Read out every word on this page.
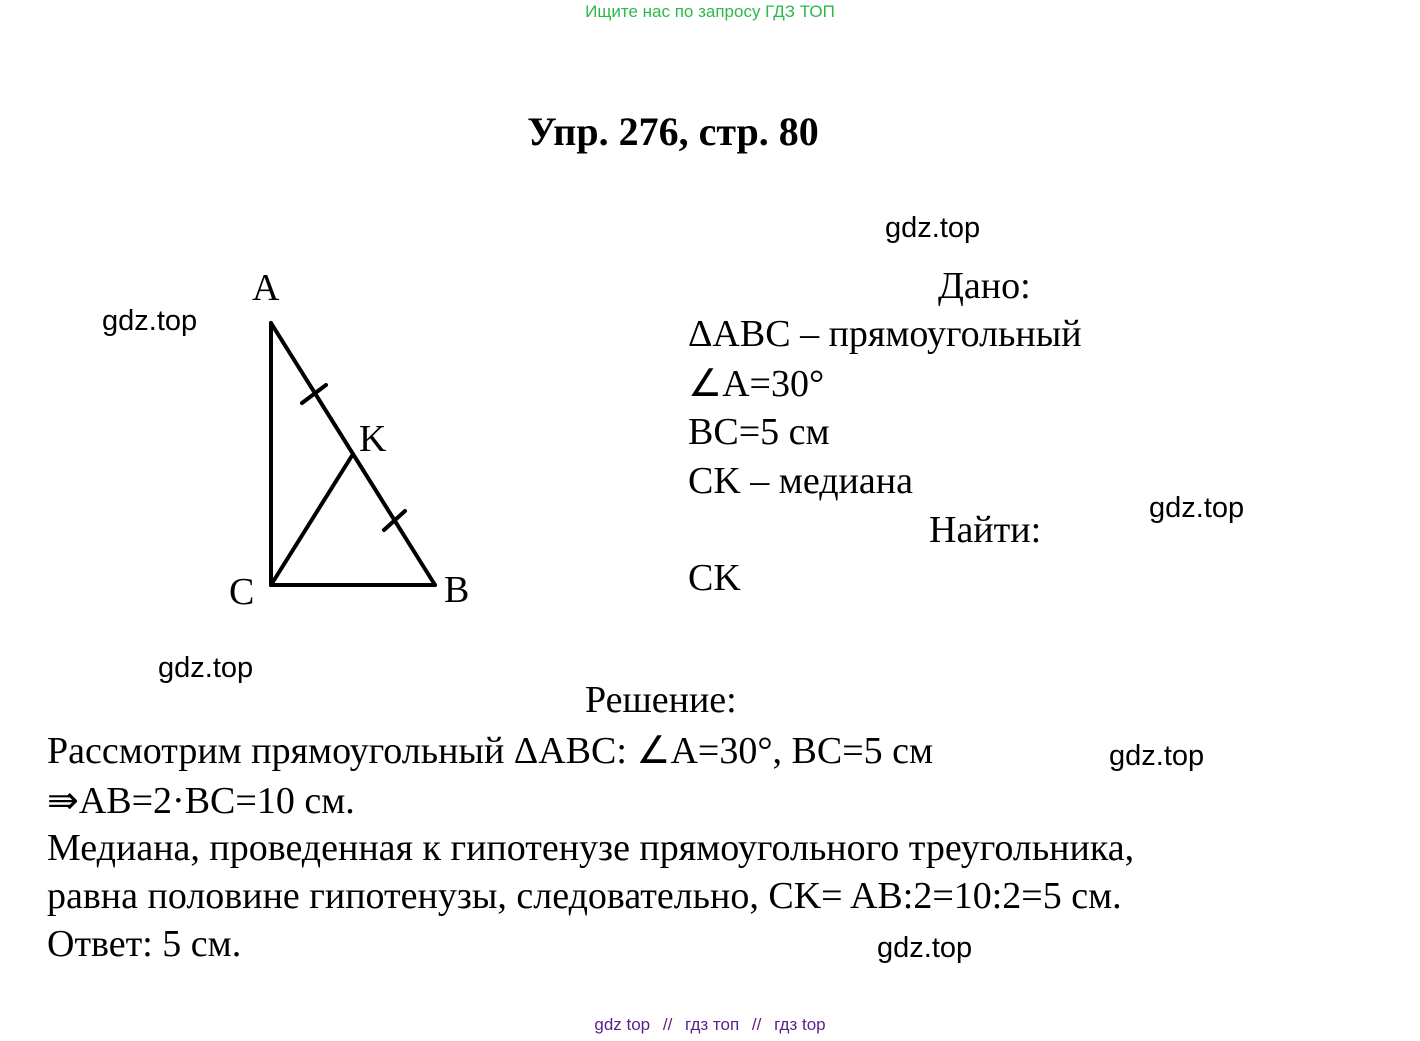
Ищите нас по запросу ГДЗ ТОП
Упр. 276, стр. 80
gdz.top
gdz.top
gdz.top
gdz.top
gdz.top
gdz.top
A
B
C
K
Дано:
ΔABC – прямоугольный
∠A=30°
BC=5 см
CK – медиана
Найти:
CK
Решение:
Рассмотрим прямоугольный ΔABC: ∠A=30°, BC=5 см
⇛AB=2·BC=10 см.
Медиана, проведенная к гипотенузе прямоугольного треугольника,
равна половине гипотенузы, следовательно, CK= AB:2=10:2=5 см.
Ответ: 5 см.
gdz top // гдз топ // гдз top
